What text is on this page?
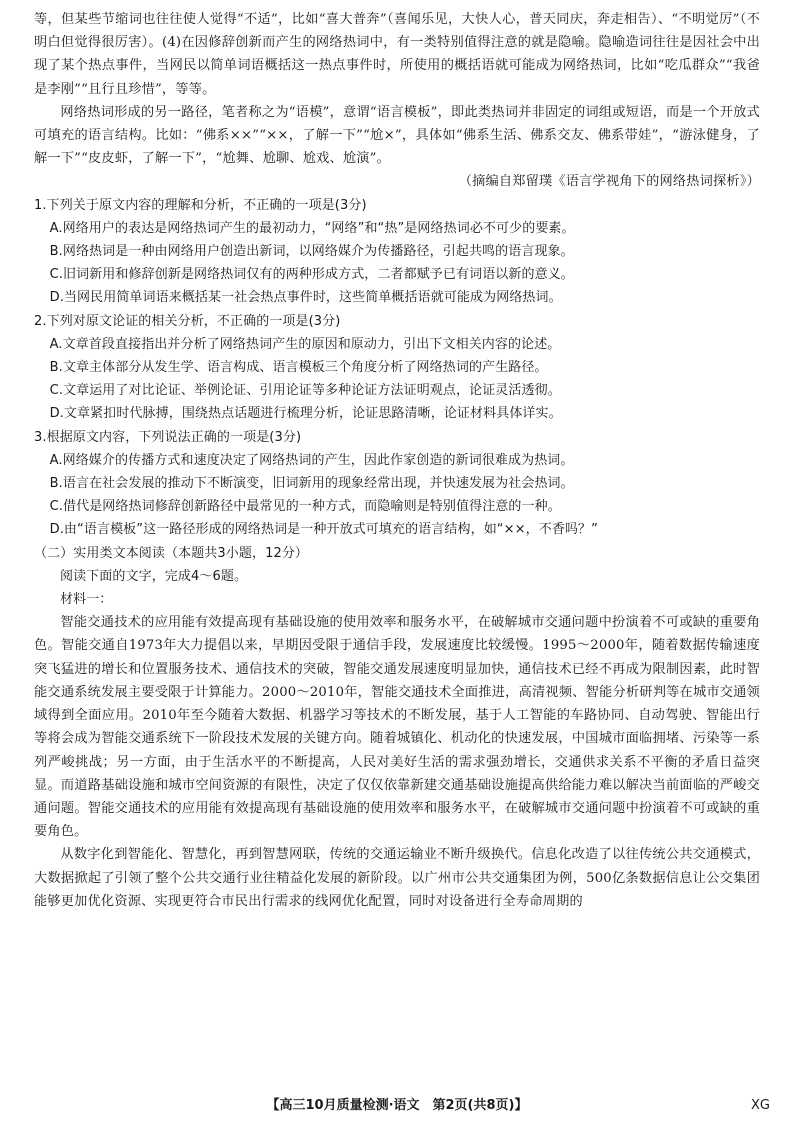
等，但某些节缩词也往往使人觉得“不适”，比如“喜大普奔”（喜闻乐见，大快人心，普天同庆，奔走相告）、“不明觉厉”（不明白但觉得很厉害）。(4)在因修辞创新而产生的网络热词中，有一类特别值得注意的就是隐喻。隐喻造词往往是因社会中出现了某个热点事件，当网民以简单词语概括这一热点事件时，所使用的概括语就可能成为网络热词，比如“吃瓜群众”“我爸是李刚”“且行且珍惜”，等等。

网络热词形成的另一路径，笔者称之为“语模”，意谓“语言模板”，即此类热词并非固定的词组或短语，而是一个开放式可填充的语言结构。比如：“佛系××”“××，了解一下”“尬×”，具体如“佛系生活、佛系交友、佛系带娃”，“游泳健身，了解一下”“皮皮虾，了解一下”，“尬舞、尬聊、尬戏、尬演”。

（摘编自郑留璞《语言学视角下的网络热词探析》）

1.下列关于原文内容的理解和分析，不正确的一项是(3分)

A.网络用户的表达是网络热词产生的最初动力，“网络”和“热”是网络热词必不可少的要素。

B.网络热词是一种由网络用户创造出新词，以网络媒介为传播路径，引起共鸣的语言现象。

C.旧词新用和修辞创新是网络热词仅有的两种形成方式，二者都赋予已有词语以新的意义。

D.当网民用简单词语来概括某一社会热点事件时，这些简单概括语就可能成为网络热词。

2.下列对原文论证的相关分析，不正确的一项是(3分)

A.文章首段直接指出并分析了网络热词产生的原因和原动力，引出下文相关内容的论述。

B.文章主体部分从发生学、语言构成、语言模板三个角度分析了网络热词的产生路径。

C.文章运用了对比论证、举例论证、引用论证等多种论证方法证明观点，论证灵活透彻。

D.文章紧扣时代脉搏，围绕热点话题进行梳理分析，论证思路清晰，论证材料具体详实。

3.根据原文内容，下列说法正确的一项是(3分)

A.网络媒介的传播方式和速度决定了网络热词的产生，因此作家创造的新词很难成为热词。

B.语言在社会发展的推动下不断演变，旧词新用的现象经常出现，并快速发展为社会热词。

C.借代是网络热词修辞创新路径中最常见的一种方式，而隐喻则是特别值得注意的一种。

D.由“语言模板”这一路径形成的网络热词是一种开放式可填充的语言结构，如“××，不香吗？”

（二）实用类文本阅读（本题共3小题，12分）

阅读下面的文字，完成4～6题。

材料一：

智能交通技术的应用能有效提高现有基础设施的使用效率和服务水平，在破解城市交通问题中扮演着不可或缺的重要角色。智能交通自1973年大力提倡以来，早期因受限于通信手段，发展速度比较缓慢。1995～2000年，随着数据传输速度突飞猛进的增长和位置服务技术、通信技术的突破，智能交通发展速度明显加快，通信技术已经不再成为限制因素，此时智能交通系统发展主要受限于计算能力。2000～2010年，智能交通技术全面推进，高清视频、智能分析研判等在城市交通领域得到全面应用。2010年至今随着大数据、机器学习等技术的不断发展，基于人工智能的车路协同、自动驾驶、智能出行等将会成为智能交通系统下一阶段技术发展的关键方向。随着城镇化、机动化的快速发展，中国城市面临拥堵、污染等一系列严峻挑战；另一方面，由于生活水平的不断提高，人民对美好生活的需求强劲增长，交通供求关系不平衡的矛盾日益突显。而道路基础设施和城市空间资源的有限性，决定了仅仅依靠新建交通基础设施提高供给能力难以解决当前面临的严峻交通问题。智能交通技术的应用能有效提高现有基础设施的使用效率和服务水平，在破解城市交通问题中扮演着不可或缺的重要角色。

从数字化到智能化、智慧化，再到智慧网联，传统的交通运输业不断升级换代。信息化改造了以往传统公共交通模式，大数据掀起了引领了整个公共交通行业往精益化发展的新阶段。以广州市公共交通集团为例，500亿条数据信息让公交集团能够更加优化资源、实现更符合市民出行需求的线网优化配置，同时对设备进行全寿命周期的

【高三10月质量检测·语文　第2页(共8页)】	XG
